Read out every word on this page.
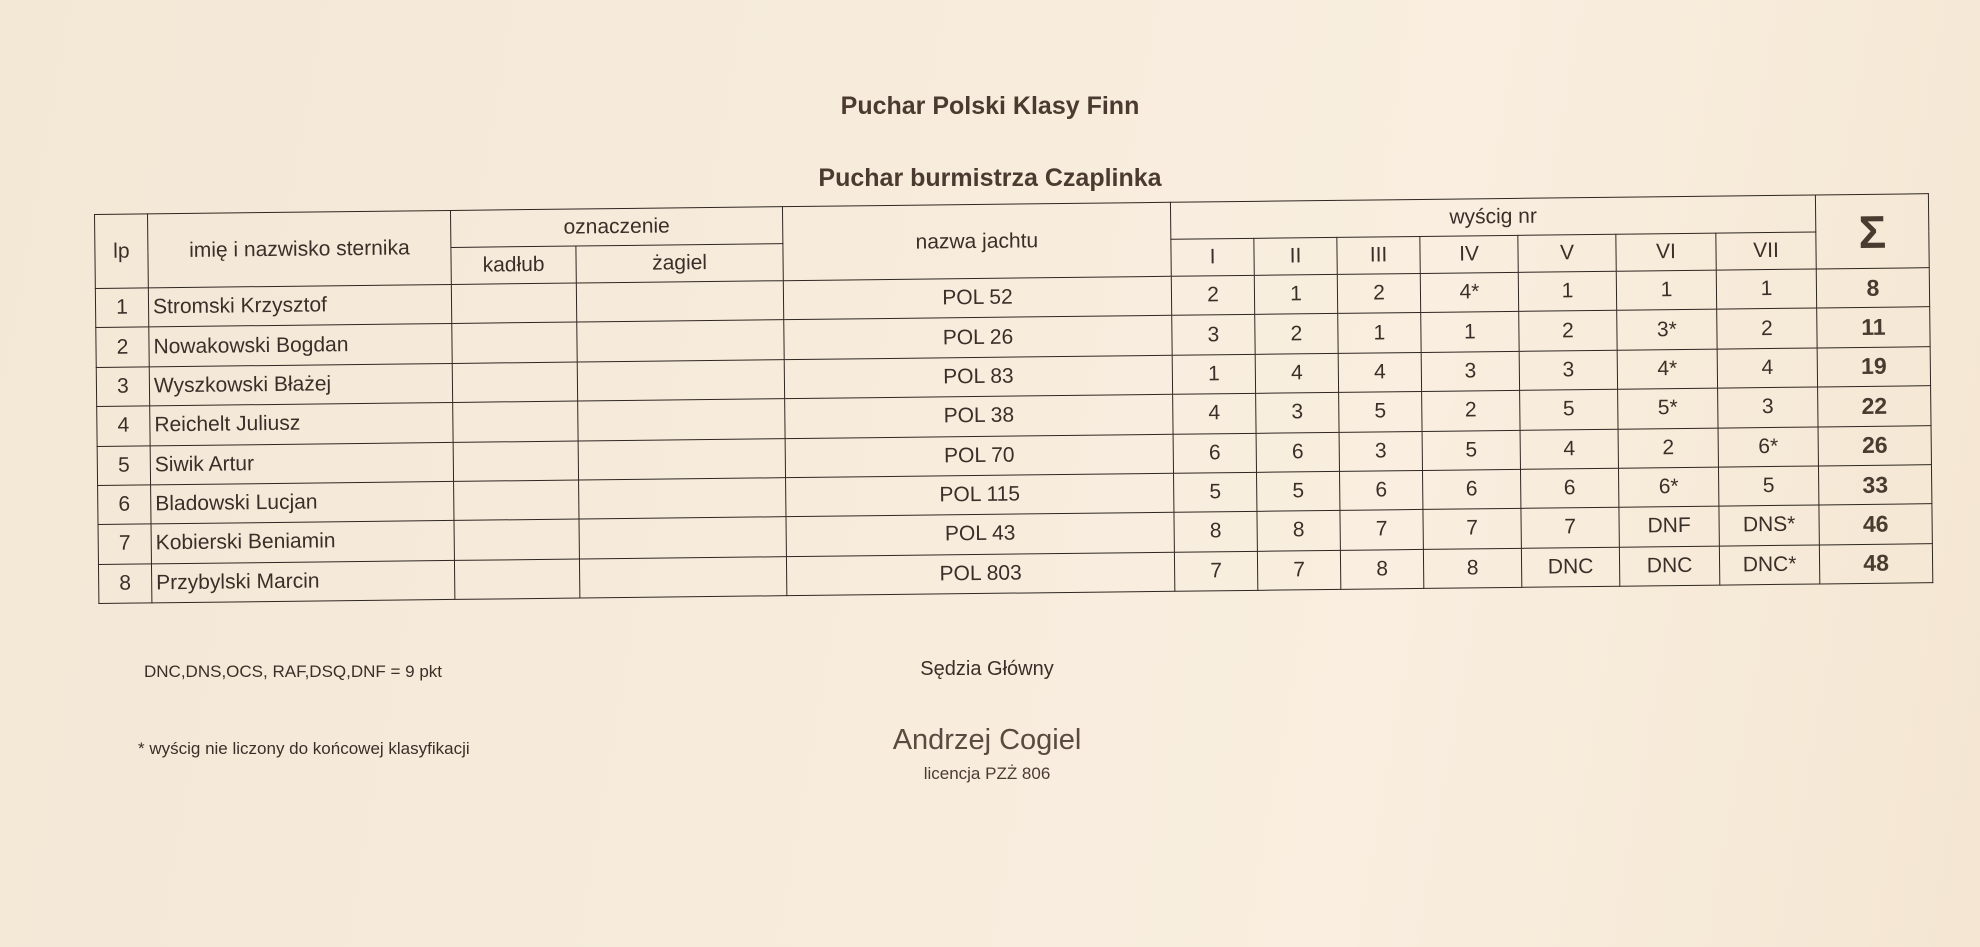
Puchar Polski Klasy Finn
Puchar burmistrza Czaplinka
lp	imię i nazwisko sternika	oznaczenie		nazwa jachtu	wyścig nr							Σ
		kadłub	żagiel		I	II	III	IV	V	VI	VII	
1	Stromski Krzysztof			POL 52	2	1	2	4*	1	1	1	8
2	Nowakowski Bogdan			POL 26	3	2	1	1	2	3*	2	11
3	Wyszkowski Błażej			POL 83	1	4	4	3	3	4*	4	19
4	Reichelt Juliusz			POL 38	4	3	5	2	5	5*	3	22
5	Siwik Artur			POL 70	6	6	3	5	4	2	6*	26
6	Bladowski Lucjan			POL 115	5	5	6	6	6	6*	5	33
7	Kobierski Beniamin			POL 43	8	8	7	7	7	DNF	DNS*	46
8	Przybylski Marcin			POL 803	7	7	8	8	DNC	DNC	DNC*	48
DNC,DNS,OCS, RAF,DSQ,DNF = 9 pkt
* wyścig nie liczony do końcowej klasyfikacji
Sędzia Główny
Andrzej Cogiel
licencja PZŻ 806
